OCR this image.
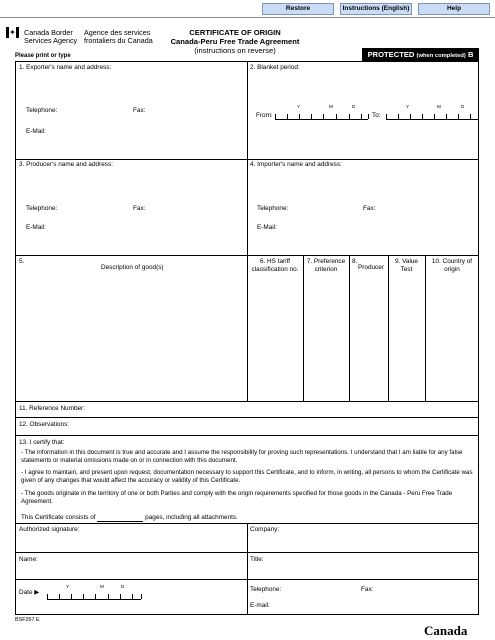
Restore	Instructions (English)	Help
✦ Canada Border
Services Agency
Agence des services
frontaliers du Canada
CERTIFICATE OF ORIGIN
Canada-Peru Free Trade Agreement
(instructions on reverse)	PROTECTED (when completed) B
Please print or type
1. Exporter's name and address:
Telephone:	Fax:
E-Mail:
2. Blanket period:
From:
Y	M	D
To:
Y	M	D
3. Producer's name and address:
Telephone:	Fax:
E-Mail:
4. Importer's name and address:
Telephone:	Fax:
E-Mail:
5.
Description of good(s)
6. HS tariff classification no.
7. Preference criterion
8.
Producer
9. Value Test
10. Country of origin
11. Reference Number:
12. Observations:
13. I certify that:
- The information in this document is true and accurate and I assume the responsibility for proving such representations. I understand that I am liable for any false statements or material omissions made on or in connection with this document.
- I agree to maintain, and present upon request, documentation necessary to support this Certificate, and to inform, in writing, all persons to whom the Certificate was given of any changes that would affect the accuracy or validity of this Certificate.
- The goods originate in the territory of one or both Parties and comply with the origin requirements specified for those goods in the Canada - Peru Free Trade Agreement.
This Certificate consists of	pages, including all attachments.
Authorized signature:	Company:
Name:	Title:
Date ▶
Y	M	D	Telephone:	Fax:
E-mail:
BSF267 E
Canada
